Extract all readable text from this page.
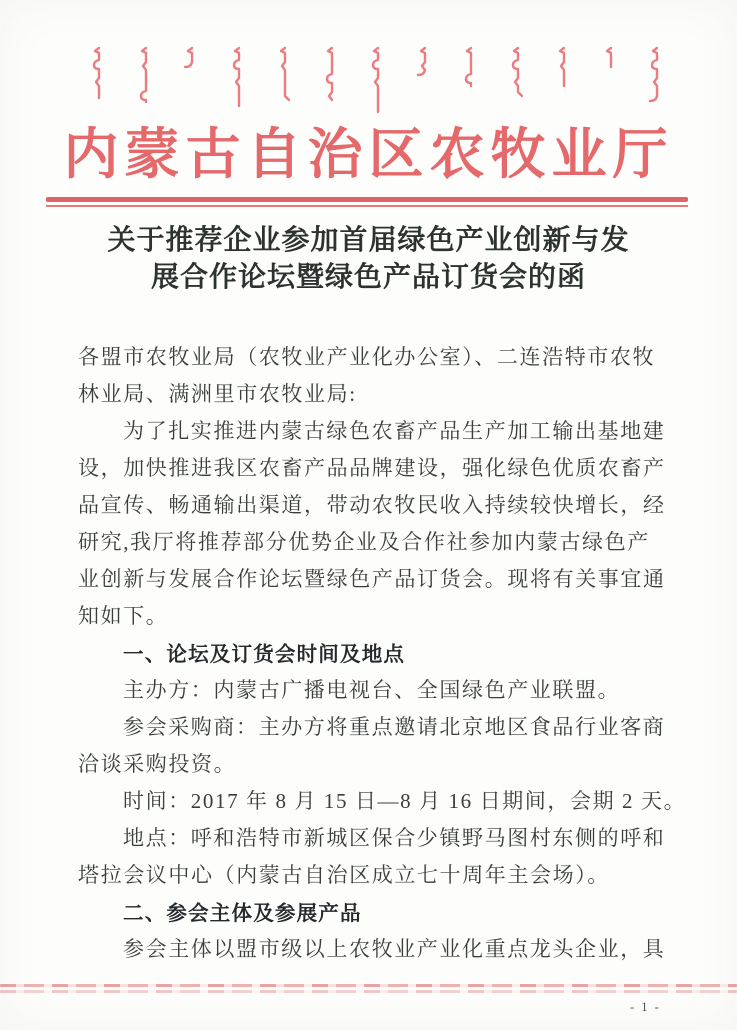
内蒙古自治区农牧业厅
关于推荐企业参加首届绿色产业创新与发
展合作论坛暨绿色产品订货会的函
各盟市农牧业局（农牧业产业化办公室）、二连浩特市农牧
林业局、满洲里市农牧业局:
为了扎实推进内蒙古绿色农畜产品生产加工输出基地建
设，加快推进我区农畜产品品牌建设，强化绿色优质农畜产
品宣传、畅通输出渠道，带动农牧民收入持续较快增长，经
研究,我厅将推荐部分优势企业及合作社参加内蒙古绿色产
业创新与发展合作论坛暨绿色产品订货会。现将有关事宜通
知如下。
一、论坛及订货会时间及地点
主办方：内蒙古广播电视台、全国绿色产业联盟。
参会采购商：主办方将重点邀请北京地区食品行业客商
洽谈采购投资。
时间：2017 年 8 月 15 日—8 月 16 日期间，会期 2 天。
地点：呼和浩特市新城区保合少镇野马图村东侧的呼和
塔拉会议中心（内蒙古自治区成立七十周年主会场）。
二、参会主体及参展产品
参会主体以盟市级以上农牧业产业化重点龙头企业，具
- 1 -
